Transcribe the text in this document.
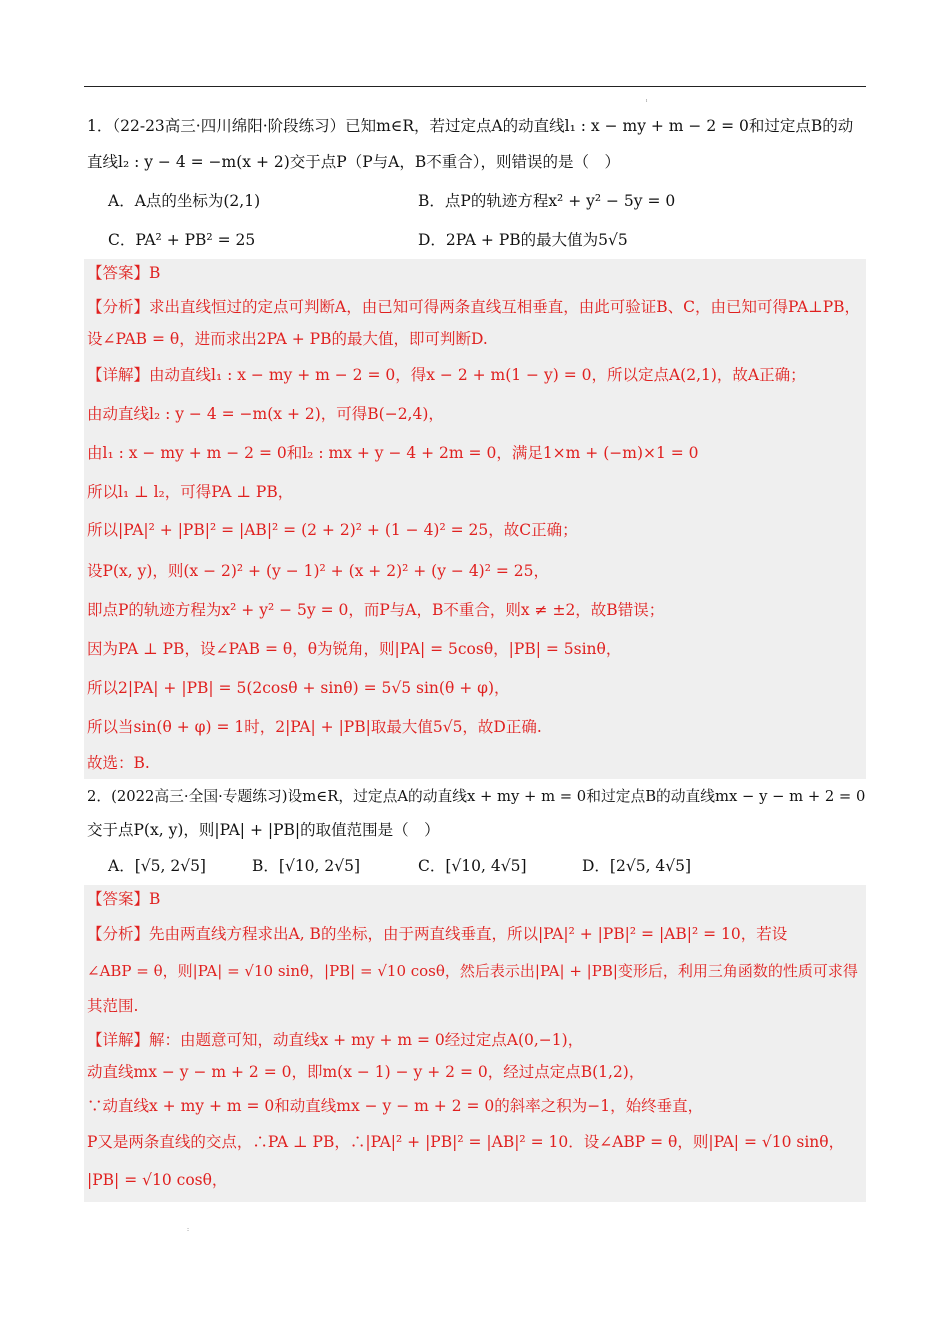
ˡ
1．（22-23高三·四川绵阳·阶段练习）已知m∈R，若过定点A的动直线l₁ : x − my + m − 2 = 0和过定点B的动
直线l₂ : y − 4 = −m(x + 2)交于点P（P与A，B不重合），则错误的是（　）
A．A点的坐标为(2,1)	B．点P的轨迹方程x² + y² − 5y = 0
C．PA² + PB² = 25	D．2PA + PB的最大值为5√5
【答案】B
【分析】求出直线恒过的定点可判断A，由已知可得两条直线互相垂直，由此可验证B、C，由已知可得PA⊥PB，
设∠PAB = θ，进而求出2PA + PB的最大值，即可判断D.
【详解】由动直线l₁ : x − my + m − 2 = 0，得x − 2 + m(1 − y) = 0，所以定点A(2,1)，故A正确；
由动直线l₂ : y − 4 = −m(x + 2)，可得B(−2,4)，
由l₁ : x − my + m − 2 = 0和l₂ : mx + y − 4 + 2m = 0，满足1×m + (−m)×1 = 0
所以l₁ ⊥ l₂，可得PA ⊥ PB，
所以|PA|² + |PB|² = |AB|² = (2 + 2)² + (1 − 4)² = 25，故C正确；
设P(x, y)，则(x − 2)² + (y − 1)² + (x + 2)² + (y − 4)² = 25，
即点P的轨迹方程为x² + y² − 5y = 0，而P与A，B不重合，则x ≠ ±2，故B错误；
因为PA ⊥ PB，设∠PAB = θ，θ为锐角，则|PA| = 5cosθ，|PB| = 5sinθ，
所以2|PA| + |PB| = 5(2cosθ + sinθ) = 5√5 sin(θ + φ)，
所以当sin(θ + φ) = 1时，2|PA| + |PB|取最大值5√5，故D正确.
故选：B.
2．(2022高三·全国·专题练习)设m∈R，过定点A的动直线x + my + m = 0和过定点B的动直线mx − y − m + 2 = 0
交于点P(x, y)，则|PA| + |PB|的取值范围是（　）
A．[√5, 2√5]	B．[√10, 2√5]	C．[√10, 4√5]	D．[2√5, 4√5]
【答案】B
【分析】先由两直线方程求出A, B的坐标，由于两直线垂直，所以|PA|² + |PB|² = |AB|² = 10，若设
∠ABP = θ，则|PA| = √10 sinθ，|PB| = √10 cosθ，然后表示出|PA| + |PB|变形后，利用三角函数的性质可求得
其范围.
【详解】解：由题意可知，动直线x + my + m = 0经过定点A(0,−1)，
动直线mx − y − m + 2 = 0，即m(x − 1) − y + 2 = 0，经过点定点B(1,2)，
∵动直线x + my + m = 0和动直线mx − y − m + 2 = 0的斜率之积为−1，始终垂直，
P又是两条直线的交点，∴PA ⊥ PB，∴|PA|² + |PB|² = |AB|² = 10．设∠ABP = θ，则|PA| = √10 sinθ，
|PB| = √10 cosθ，
:
